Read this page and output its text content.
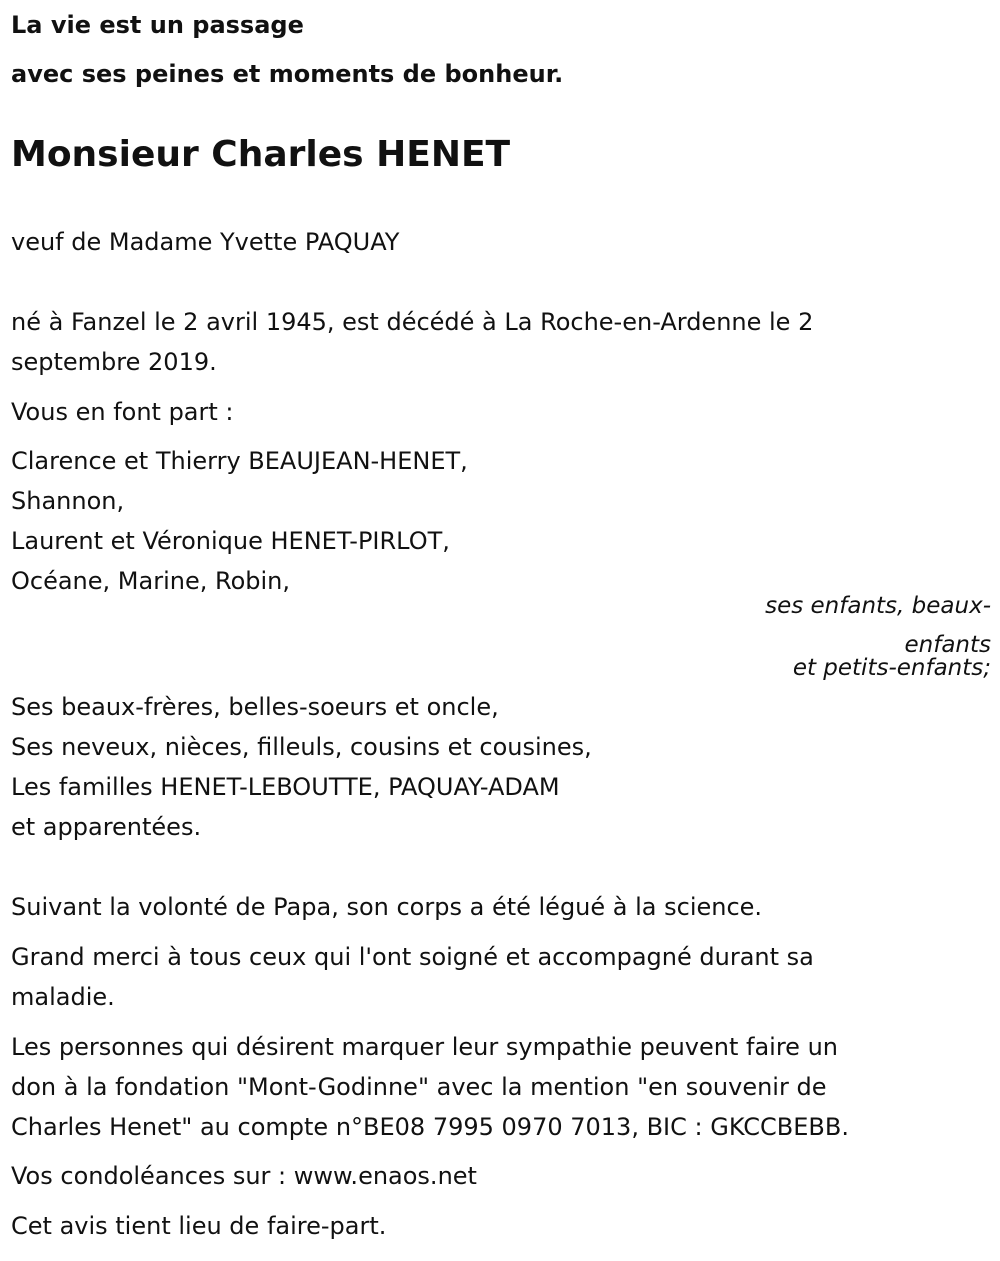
La vie est un passage
avec ses peines et moments de bonheur.
Monsieur Charles HENET
veuf de Madame Yvette PAQUAY
né à Fanzel le 2 avril 1945, est décédé à La Roche-en-Ardenne le 2
septembre 2019.
Vous en font part :
Clarence et Thierry BEAUJEAN-HENET,
Shannon,
Laurent et Véronique HENET-PIRLOT,
Océane, Marine, Robin,
ses enfants, beaux-
enfants
et petits-enfants;
Ses beaux-frères, belles-soeurs et oncle,
Ses neveux, nièces, filleuls, cousins et cousines,
Les familles HENET-LEBOUTTE, PAQUAY-ADAM
et apparentées.
Suivant la volonté de Papa, son corps a été légué à la science.
Grand merci à tous ceux qui l'ont soigné et accompagné durant sa
maladie.
Les personnes qui désirent marquer leur sympathie peuvent faire un
don à la fondation "Mont-Godinne" avec la mention "en souvenir de
Charles Henet" au compte n°BE08 7995 0970 7013, BIC : GKCCBEBB.
Vos condoléances sur : www.enaos.net
Cet avis tient lieu de faire-part.
